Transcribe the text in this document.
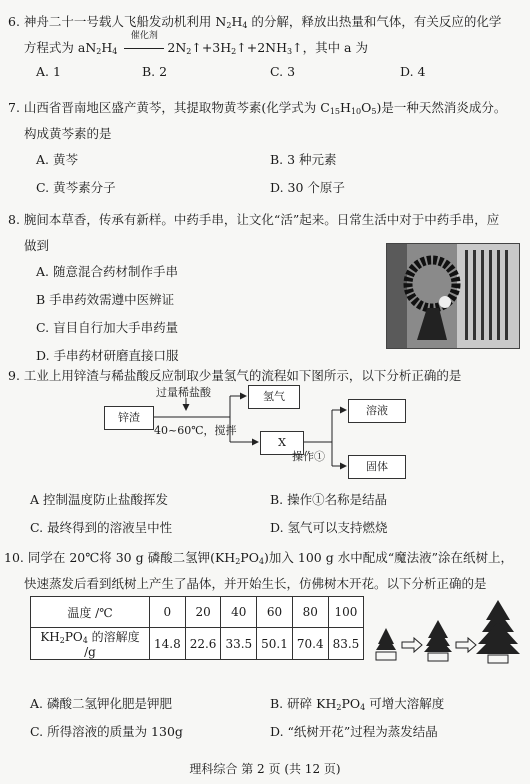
6. 神舟二十一号载人飞船发动机利用 $N_2H_4$ 的分解，释放出热量和气体，有关反应的化学
方程式为 $aN_2H_4$
催化剂
$2N_2↑+3H_2↑+2NH_3↑$，其中 a 为
A. 1	B. 2	C. 3	D. 4
7. 山西省晋南地区盛产黄芩，其提取物黄芩素(化学式为 $C_{15}H_{10}O_5$)是一种天然消炎成分。
构成黄芩素的是
A. 黄芩	B. 3 种元素
C. 黄芩素分子	D. 30 个原子
8. 腕间本草香，传承有新样。中药手串，让文化“活”起来。日常生活中对于中药手串，应
做到
A. 随意混合药材制作手串
B 手串药效需遵中医辨证
C. 盲目自行加大手串药量
D. 手串药材研磨直接口服
9. 工业上用锌渣与稀盐酸反应制取少量氢气的流程如下图所示，以下分析正确的是
锌渣
过量稀盐酸
40~60℃，搅拌
氢气
X
操作①
溶液
固体
A 控制温度防止盐酸挥发	B. 操作①名称是结晶
C. 最终得到的溶液呈中性	D. 氢气可以支持燃烧
10. 同学在 20℃将 30 g 磷酸二氢钾$(KH_2PO_4)$加入 100 g 水中配成“魔法液”涂在纸树上，
快速蒸发后看到纸树上产生了晶体，并开始生长，仿佛树木开花。以下分析正确的是
温度 /℃	0	20	40	60	80	100
$KH_2PO_4$ 的溶解度 /g	14.8	22.6	33.5	50.1	70.4	83.5
A. 磷酸二氢钾化肥是钾肥	B. 研碎 $KH_2PO_4$ 可增大溶解度
C. 所得溶液的质量为 130g	D. “纸树开花”过程为蒸发结晶
理科综合 第 2 页 (共 12 页)
